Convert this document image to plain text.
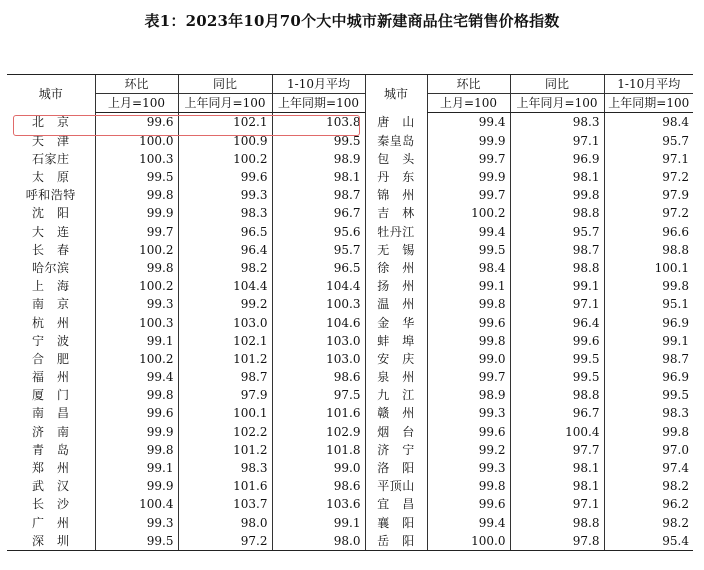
表1：2023年10月70个大中城市新建商品住宅销售价格指数
城市	环比	同比	1-10月平均	城市	环比	同比	1-10月平均
	上月=100	上年同月=100	上年同期=100		上月=100	上年同月=100	上年同期=100
北　京	99.6	102.1	103.8	唐　山	99.4	98.3	98.4
天　津	100.0	100.9	99.5	秦皇岛	99.9	97.1	95.7
石家庄	100.3	100.2	98.9	包　头	99.7	96.9	97.1
太　原	99.5	99.6	98.1	丹　东	99.9	98.1	97.2
呼和浩特	99.8	99.3	98.7	锦　州	99.7	99.8	97.9
沈　阳	99.9	98.3	96.7	吉　林	100.2	98.8	97.2
大　连	99.7	96.5	95.6	牡丹江	99.4	95.7	96.6
长　春	100.2	96.4	95.7	无　锡	99.5	98.7	98.8
哈尔滨	99.8	98.2	96.5	徐　州	98.4	98.8	100.1
上　海	100.2	104.4	104.4	扬　州	99.1	99.1	99.8
南　京	99.3	99.2	100.3	温　州	99.8	97.1	95.1
杭　州	100.3	103.0	104.6	金　华	99.6	96.4	96.9
宁　波	99.1	102.1	103.0	蚌　埠	99.8	99.6	99.1
合　肥	100.2	101.2	103.0	安　庆	99.0	99.5	98.7
福　州	99.4	98.7	98.6	泉　州	99.7	99.5	96.9
厦　门	99.8	97.9	97.5	九　江	98.9	98.8	99.5
南　昌	99.6	100.1	101.6	赣　州	99.3	96.7	98.3
济　南	99.9	102.2	102.9	烟　台	99.6	100.4	99.8
青　岛	99.8	101.2	101.8	济　宁	99.2	97.7	97.0
郑　州	99.1	98.3	99.0	洛　阳	99.3	98.1	97.4
武　汉	99.9	101.6	98.6	平顶山	99.8	98.1	98.2
长　沙	100.4	103.7	103.6	宜　昌	99.6	97.1	96.2
广　州	99.3	98.0	99.1	襄　阳	99.4	98.8	98.2
深　圳	99.5	97.2	98.0	岳　阳	100.0	97.8	95.4
